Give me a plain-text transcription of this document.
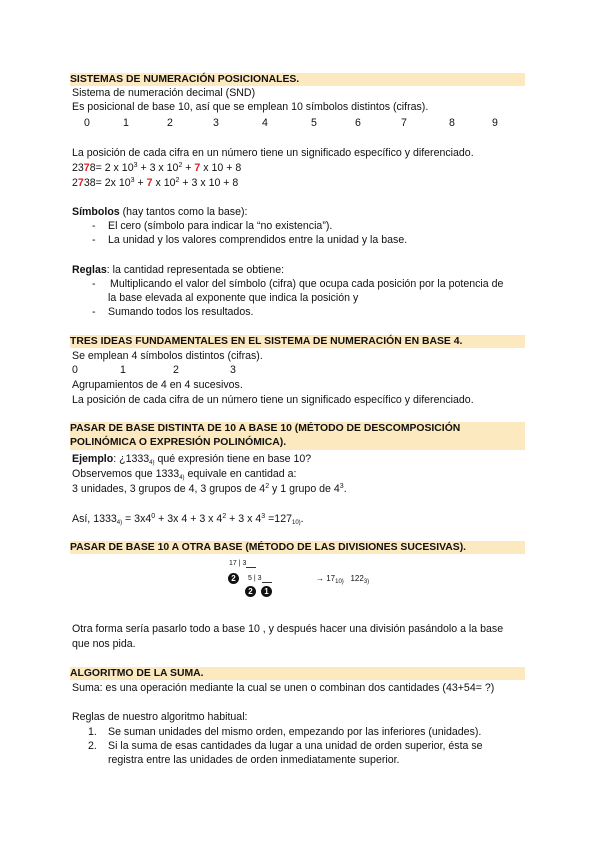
SISTEMAS DE NUMERACIÓN POSICIONALES.
Sistema de numeración decimal (SND)
Es posicional de base 10, así que se emplean 10 símbolos distintos (cifras).
0	1	2	3	4	5	6	7	8	9
La posición de cada cifra en un número tiene un significado específico y diferenciado.
2378= 2 x $10^3 + 3$ x $10^2 + 7$ x 10 + 8
2738= 2x $10^3 + 7$ x $10^2 + 3$ x 10 + 8
Símbolos (hay tantos como la base):
- El cero (símbolo para indicar la “no existencia”).
- La unidad y los valores comprendidos entre la unidad y la base.
Reglas: la cantidad representada se obtiene:
- Multiplicando el valor del símbolo (cifra) que ocupa cada posición por la potencia de
la base elevada al exponente que indica la posición y
- Sumando todos los resultados.
TRES IDEAS FUNDAMENTALES EN EL SISTEMA DE NUMERACIÓN EN BASE 4.
Se emplean 4 símbolos distintos (cifras).
0	1	2	3
Agrupamientos de 4 en 4 sucesivos.
La posición de cada cifra de un número tiene un significado específico y diferenciado.
PASAR DE BASE DISTINTA DE 10 A BASE 10 (MÉTODO DE DESCOMPOSICIÓN
POLINÓMICA O EXPRESIÓN POLINÓMICA).
Ejemplo: ¿$1333_{4)}$ qué expresión tiene en base 10?
Observemos que $1333_{4)}$ equivale en cantidad a:
3 unidades, 3 grupos de 4, 3 grupos de $4^2$ y 1 grupo de $4^3$.
Así, $1333_{4)} = 3x4^0 + 3x$ 4 + 3 x $4^2 + 3$ x $4^3 =127_{10)}$.
PASAR DE BASE 10 A OTRA BASE (MÉTODO DE LAS DIVISIONES SUCESIVAS).
17 | 3
2	5 | 3
2	1
→ $17_{10)}$ $122_{3)}$
Otra forma sería pasarlo todo a base 10 , y después hacer una división pasándolo a la base
que nos pida.
ALGORITMO DE LA SUMA.
Suma: es una operación mediante la cual se unen o combinan dos cantidades (43+54= ?)
Reglas de nuestro algoritmo habitual:
1. Se suman unidades del mismo orden, empezando por las inferiores (unidades).
2. Si la suma de esas cantidades da lugar a una unidad de orden superior, ésta se
registra entre las unidades de orden inmediatamente superior.
